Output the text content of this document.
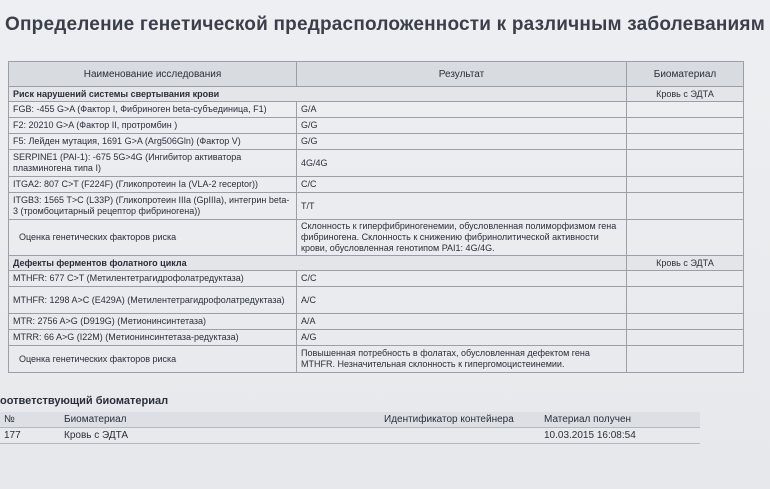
Определение генетической предрасположенности к различным заболеваниям
Наименование исследования	Результат	Биоматериал
Риск нарушений системы свертывания крови		Кровь с ЭДТА
FGB: -455 G>A (Фактор I, Фибриноген beta-субъединица, F1)	G/A	
F2: 20210 G>A (Фактор II, протромбин )	G/G	
F5: Лейден мутация, 1691 G>A (Arg506Gln) (Фактор V)	G/G	
SERPINE1 (PAI-1): -675 5G>4G (Ингибитор активатора плазминогена типа I)	4G/4G	
ITGA2: 807 C>T (F224F) (Гликопротеин Ia (VLA-2 receptor))	C/C	
ITGB3: 1565 T>C (L33P) (Гликопротеин IIIa (GpIIIa), интегрин beta-3 (тромбоцитарный рецептор фибриногена))	T/T	
Оценка генетических факторов риска	Склонность к гиперфибриногенемии, обусловленная полиморфизмом гена фибриногена. Склонность к снижению фибринолитической активности крови, обусловленная генотипом PAI1: 4G/4G.	
Дефекты ферментов фолатного цикла		Кровь с ЭДТА
MTHFR: 677 C>T (Метилентетрагидрофолатредуктаза)	C/C	
MTHFR: 1298 A>C (E429A) (Метилентетрагидрофолатредуктаза)	A/C	
MTR: 2756 A>G (D919G) (Метионинсинтетаза)	A/A	
MTRR: 66 A>G (I22M) (Метионинсинтетаза-редуктаза)	A/G	
Оценка генетических факторов риска	Повышенная потребность в фолатах, обусловленная дефектом гена MTHFR. Незначительная склонность к гипергомоцистеинемии.	
оответствующий биоматериал
№	Биоматериал	Идентификатор контейнера	Материал получен
177	Кровь с ЭДТА		10.03.2015 16:08:54
